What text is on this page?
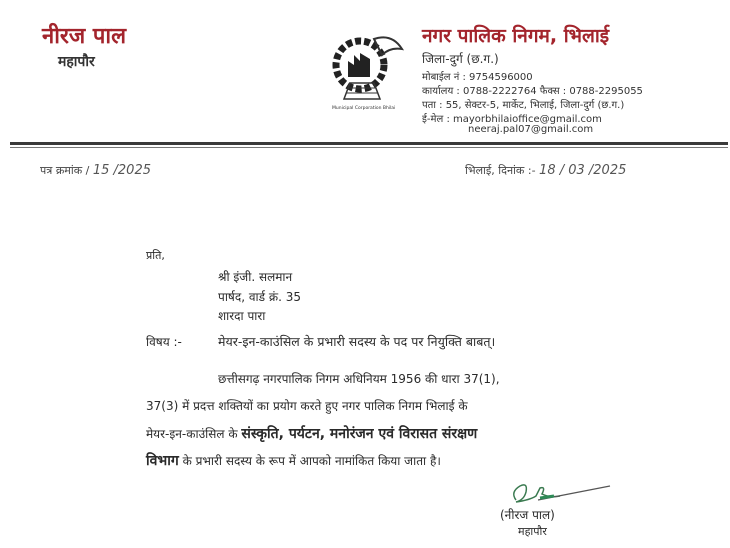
नीरज पाल
महापौर
Municipal Corporation Bhilai
नगर पालिक निगम, भिलाई
जिला-दुर्ग (छ.ग.)
मोबाईल नं : 9754596000
कार्यालय : 0788-2222764 फैक्स : 0788-2295055
पता : 55, सेक्टर-5, मार्केट, भिलाई, जिला-दुर्ग (छ.ग.)
ई-मेल : mayorbhilaioffice@gmail.com
neeraj.pal07@gmail.com
पत्र क्रमांक / 15 /2025	भिलाई, दिनांक :- 18 / 03 /2025
प्रति,
श्री इंजी. सलमान
पार्षद, वार्ड क्रं. 35
शारदा पारा
विषय :-	मेयर-इन-काउंसिल के प्रभारी सदस्य के पद पर नियुक्ति बाबत्।
छत्तीसगढ़ नगरपालिक निगम अधिनियम 1956 की धारा 37(1),
37(3) में प्रदत्त शक्तियों का प्रयोग करते हुए नगर पालिक निगम भिलाई के
मेयर-इन-काउंसिल के संस्कृति, पर्यटन, मनोरंजन एवं विरासत संरक्षण
विभाग के प्रभारी सदस्य के रूप में आपको नामांकित किया जाता है।
(नीरज पाल)
महापौर
